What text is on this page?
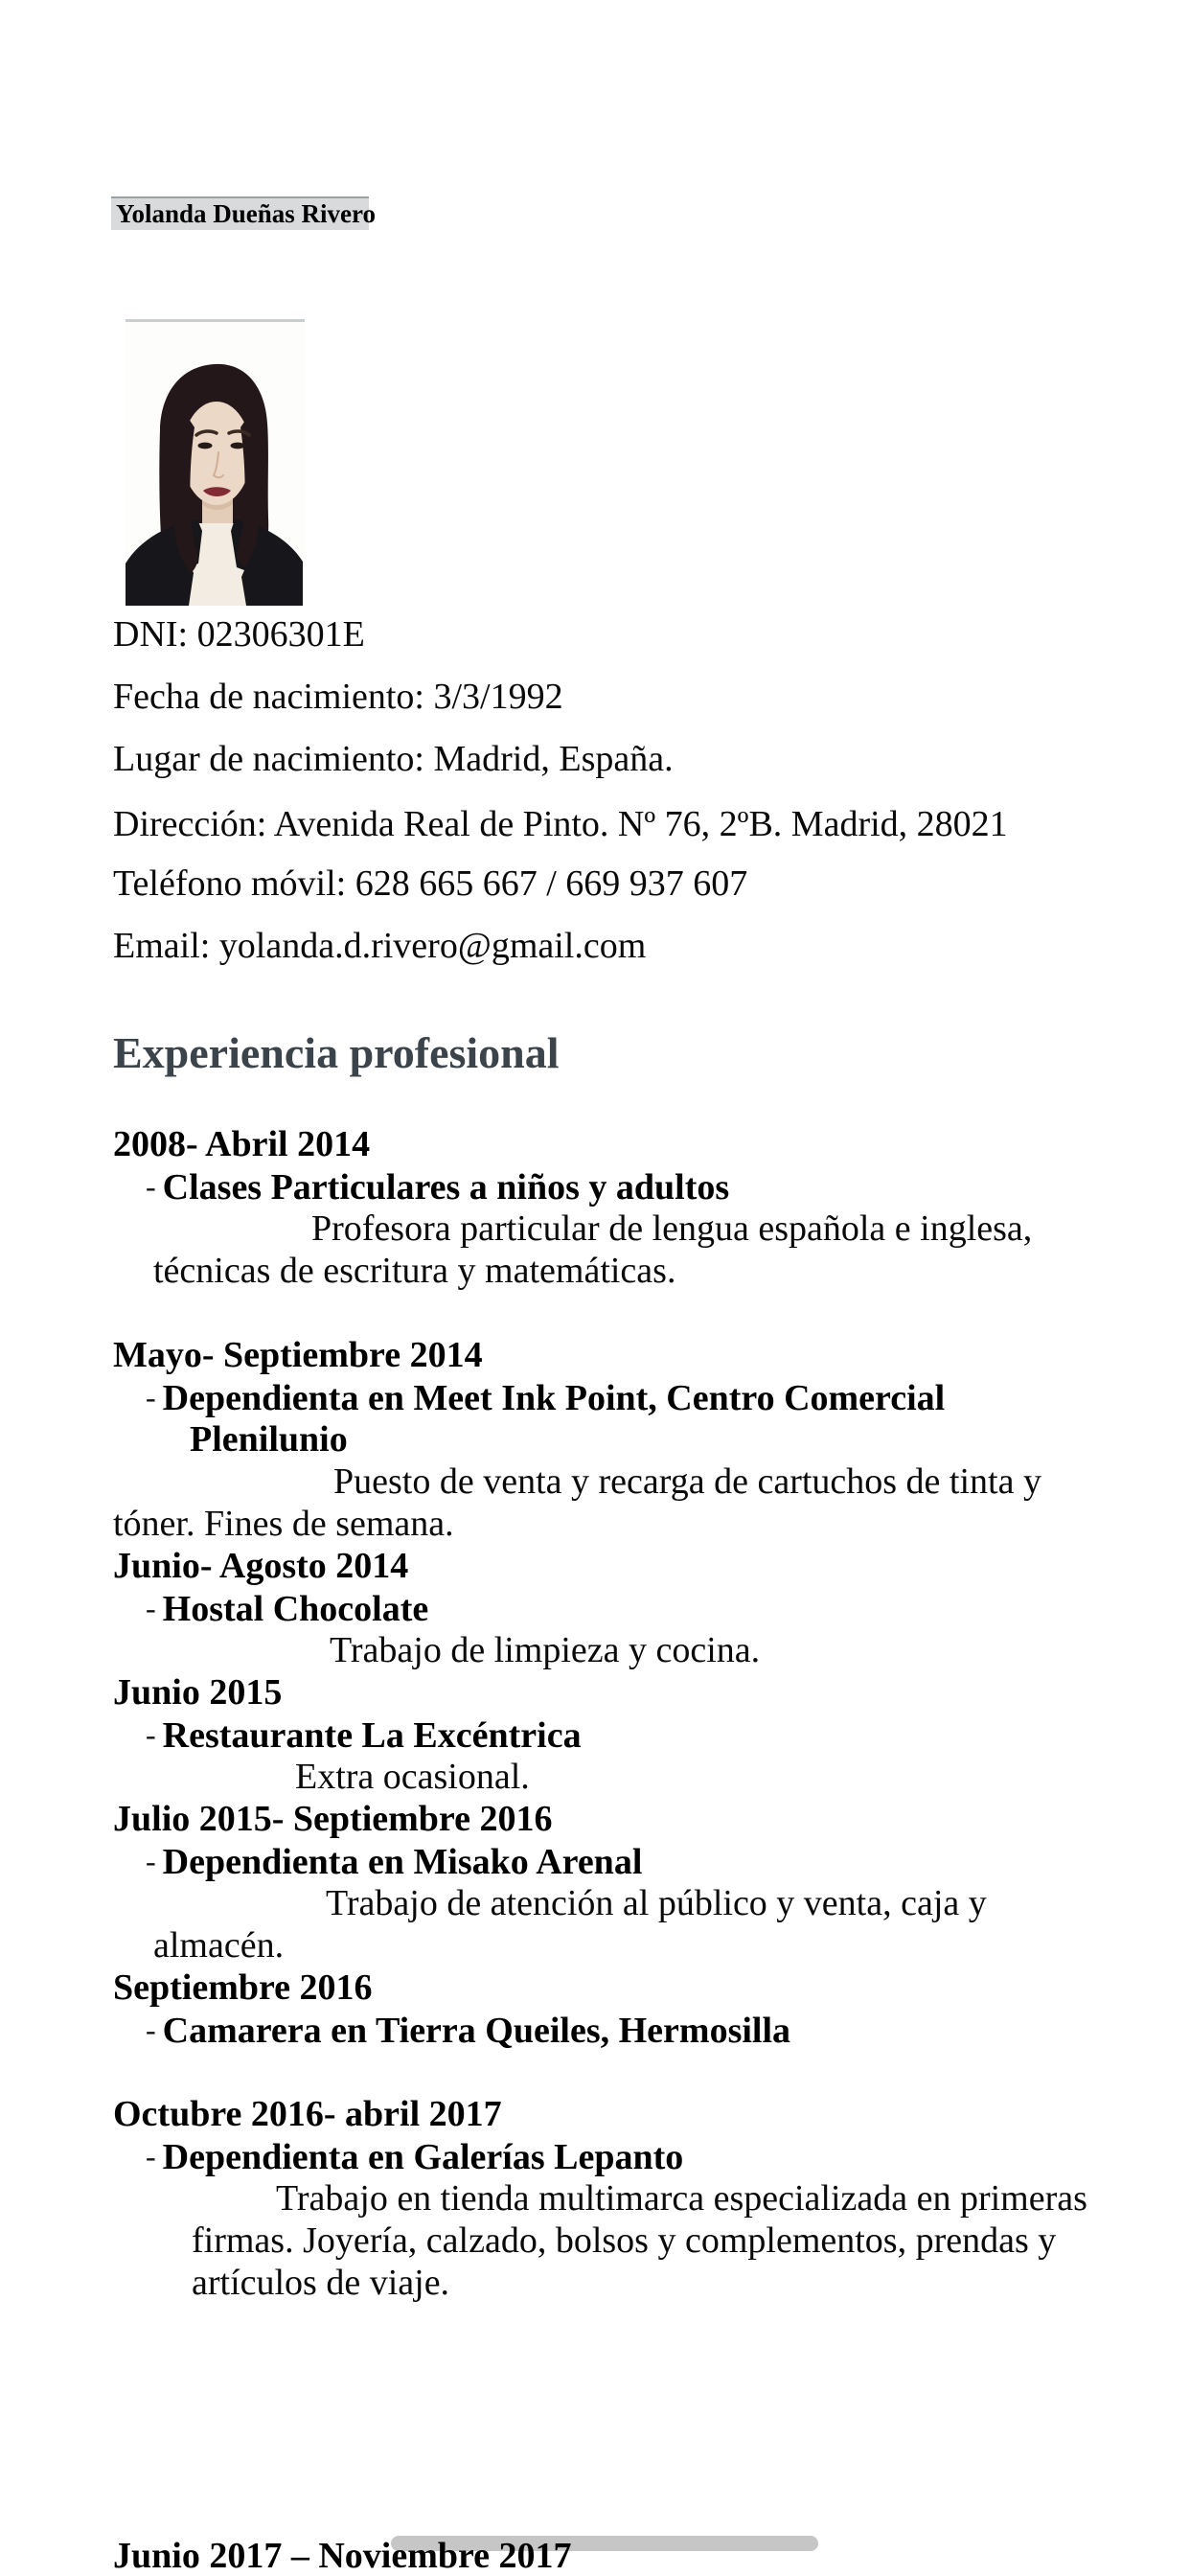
Yolanda Dueñas Rivero
DNI: 02306301E
Fecha de nacimiento: 3/3/1992
Lugar de nacimiento: Madrid, España.
Dirección: Avenida Real de Pinto. Nº 76, 2ºB. Madrid, 28021
Teléfono móvil: 628 665 667 / 669 937 607
Email: yolanda.d.rivero@gmail.com
Experiencia profesional
2008- Abril 2014
- Clases Particulares a niños y adultos
Profesora particular de lengua española e inglesa,
técnicas de escritura y matemáticas.
Mayo- Septiembre 2014
- Dependienta en Meet Ink Point, Centro Comercial
Plenilunio
Puesto de venta y recarga de cartuchos de tinta y
tóner. Fines de semana.
Junio- Agosto 2014
- Hostal Chocolate
Trabajo de limpieza y cocina.
Junio 2015
- Restaurante La Excéntrica
Extra ocasional.
Julio 2015- Septiembre 2016
- Dependienta en Misako Arenal
Trabajo de atención al público y venta, caja y
almacén.
Septiembre 2016
- Camarera en Tierra Queiles, Hermosilla
Octubre 2016- abril 2017
- Dependienta en Galerías Lepanto
Trabajo en tienda multimarca especializada en primeras
firmas. Joyería, calzado, bolsos y complementos, prendas y
artículos de viaje.
Junio 2017 – Noviembre 2017
